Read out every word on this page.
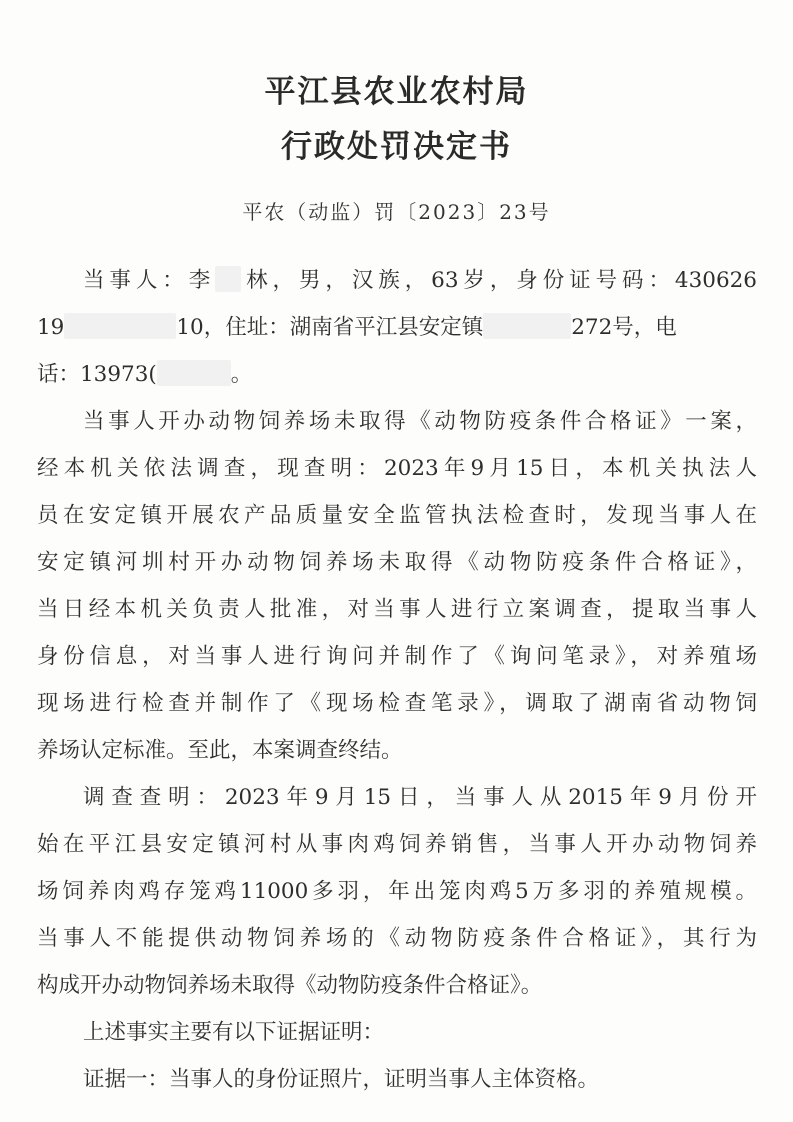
平江县农业农村局
行政处罚决定书
平农（动监）罚〔2023〕23号
当事人：李 林，男，汉族，63岁，身份证号码：430626
19	10，住址：湖南省平江县安定镇	272号，电
话：13973(	。
当事人开办动物饲养场未取得《动物防疫条件合格证》一案，
经本机关依法调查，现查明：2023年9月15日，本机关执法人
员在安定镇开展农产品质量安全监管执法检查时，发现当事人在
安定镇河圳村开办动物饲养场未取得《动物防疫条件合格证》，
当日经本机关负责人批准，对当事人进行立案调查，提取当事人
身份信息，对当事人进行询问并制作了《询问笔录》，对养殖场
现场进行检查并制作了《现场检查笔录》，调取了湖南省动物饲
养场认定标准。至此，本案调查终结。
调查查明：2023年9月15日，当事人从2015年9月份开
始在平江县安定镇河村从事肉鸡饲养销售，当事人开办动物饲养
场饲养肉鸡存笼鸡11000多羽，年出笼肉鸡5万多羽的养殖规模。
当事人不能提供动物饲养场的《动物防疫条件合格证》，其行为
构成开办动物饲养场未取得《动物防疫条件合格证》。
上述事实主要有以下证据证明：
证据一：当事人的身份证照片，证明当事人主体资格。
